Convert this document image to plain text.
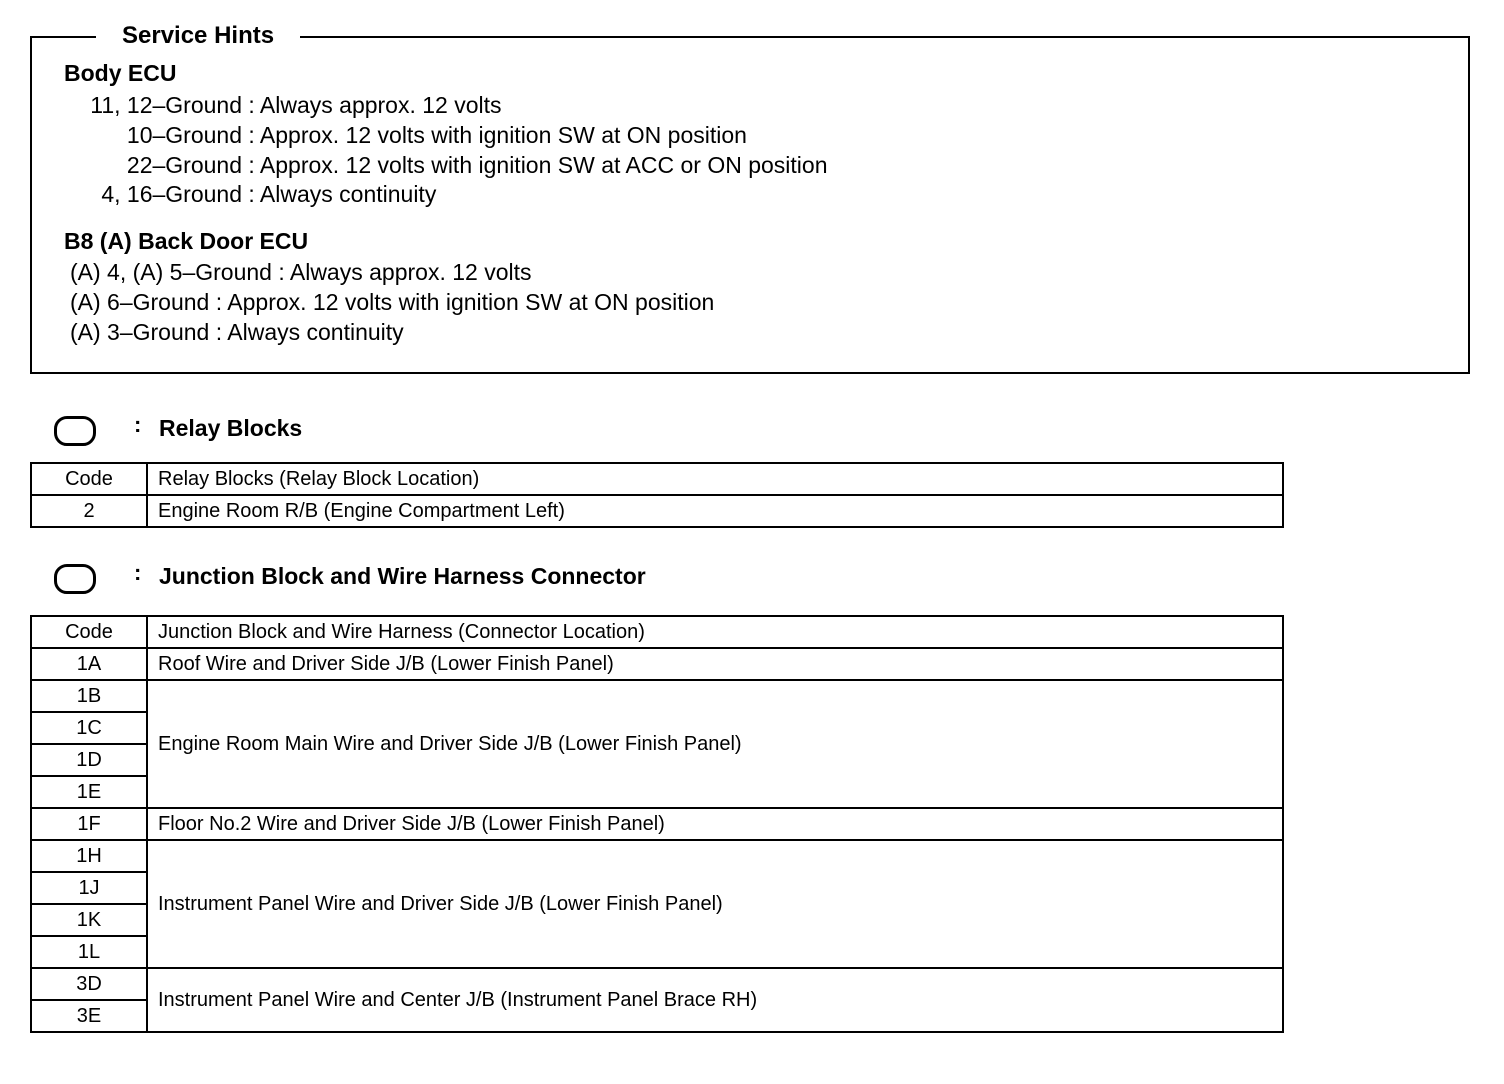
Service Hints
Body ECU
11, 12–Ground : Always approx. 12 volts
10–Ground : Approx. 12 volts with ignition SW at ON position
22–Ground : Approx. 12 volts with ignition SW at ACC or ON position
4, 16–Ground : Always continuity
B8 (A) Back Door ECU
(A) 4, (A) 5–Ground : Always approx. 12 volts
(A) 6–Ground : Approx. 12 volts with ignition SW at ON position
(A) 3–Ground : Always continuity
: Relay Blocks
Code	Relay Blocks (Relay Block Location)
2	Engine Room R/B (Engine Compartment Left)
: Junction Block and Wire Harness Connector
Code	Junction Block and Wire Harness (Connector Location)
1A	Roof Wire and Driver Side J/B (Lower Finish Panel)
1B	Engine Room Main Wire and Driver Side J/B (Lower Finish Panel)
1C	
1D	
1E	
1F	Floor No.2 Wire and Driver Side J/B (Lower Finish Panel)
1H	Instrument Panel Wire and Driver Side J/B (Lower Finish Panel)
1J	
1K	
1L	
3D	Instrument Panel Wire and Center J/B (Instrument Panel Brace RH)
3E	
